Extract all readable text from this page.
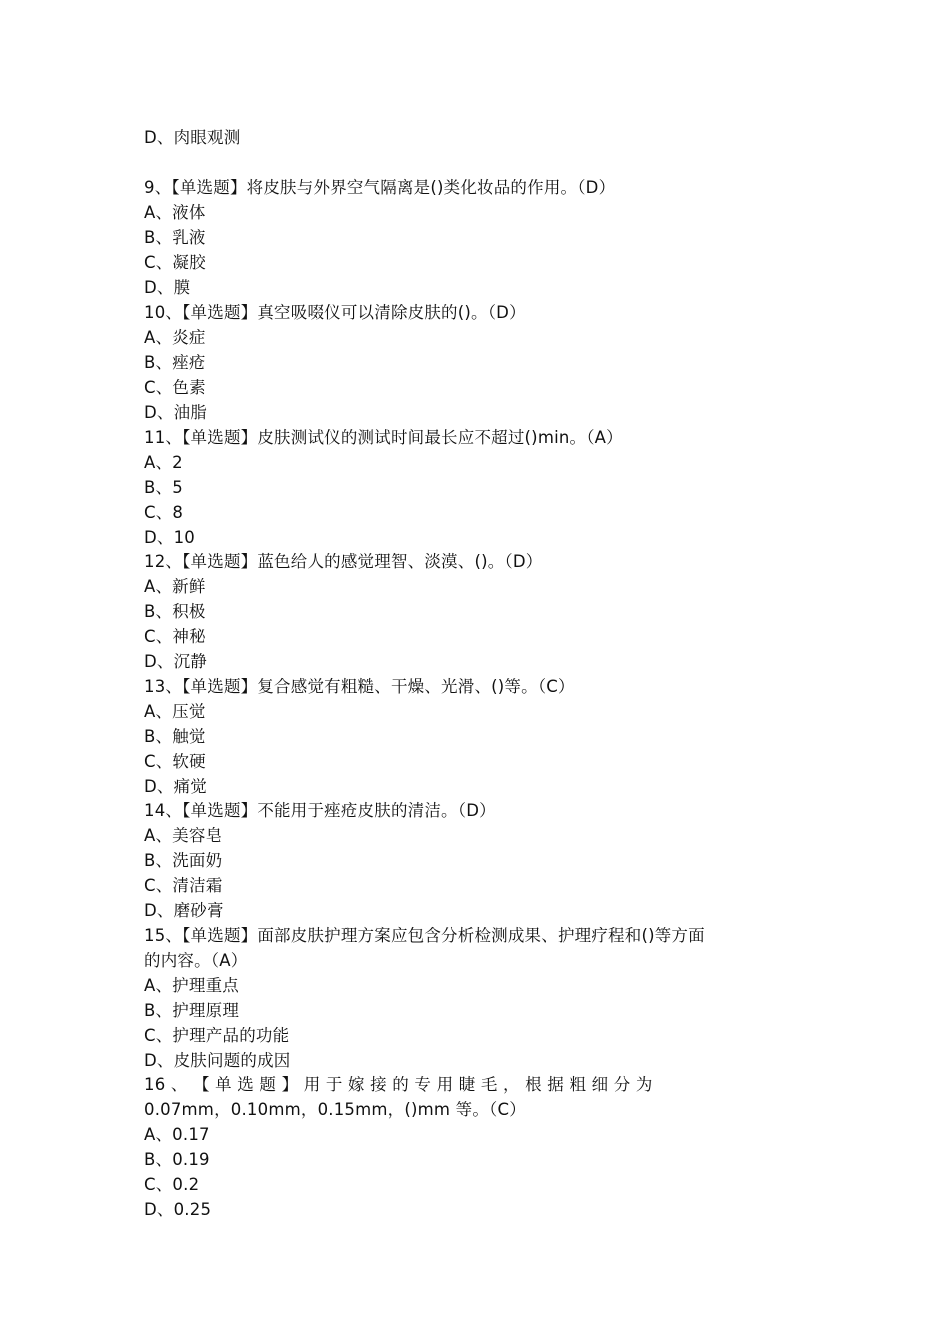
D、肉眼观测
9、【单选题】将皮肤与外界空气隔离是()类化妆品的作用。（D）
A、液体
B、乳液
C、凝胶
D、膜
10、【单选题】真空吸啜仪可以清除皮肤的()。（D）
A、炎症
B、痤疮
C、色素
D、油脂
11、【单选题】皮肤测试仪的测试时间最长应不超过()min。（A）
A、2
B、5
C、8
D、10
12、【单选题】蓝色给人的感觉理智、淡漠、()。（D）
A、新鲜
B、积极
C、神秘
D、沉静
13、【单选题】复合感觉有粗糙、干燥、光滑、()等。（C）
A、压觉
B、触觉
C、软硬
D、痛觉
14、【单选题】不能用于痤疮皮肤的清洁。（D）
A、美容皂
B、洗面奶
C、清洁霜
D、磨砂膏
15、【单选题】面部皮肤护理方案应包含分析检测成果、护理疗程和()等方面
的内容。（A）
A、护理重点
B、护理原理
C、护理产品的功能
D、皮肤问题的成因
16 、 【 单 选 题 】 用 于 嫁 接 的 专 用 睫 毛 ， 根 据 粗 细 分 为
0.07mm，0.10mm，0.15mm，()mm 等。（C）
A、0.17
B、0.19
C、0.2
D、0.25
